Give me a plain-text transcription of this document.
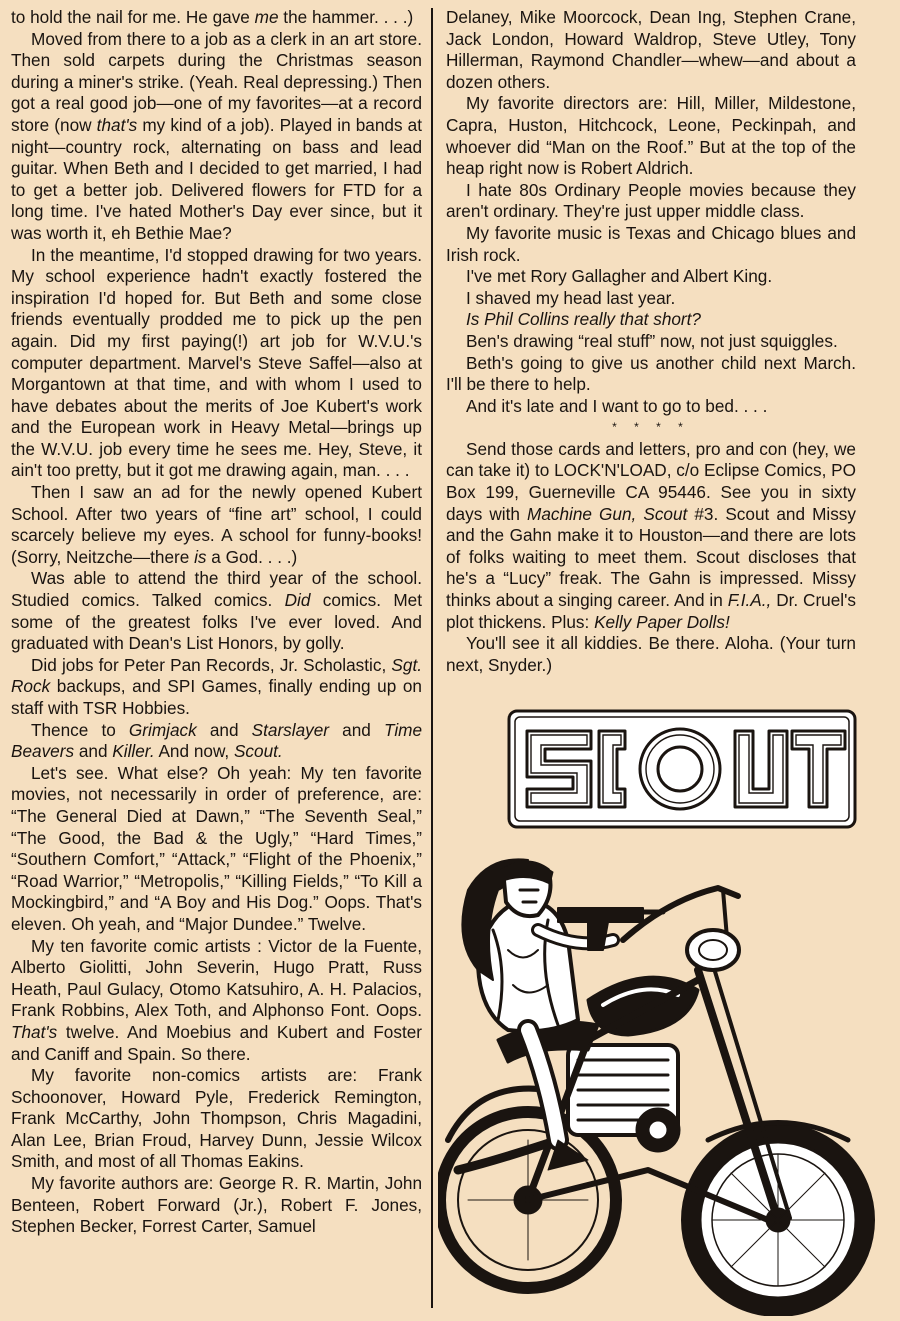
to hold the nail for me. He gave me the hammer. . . .)

Moved from there to a job as a clerk in an art store. Then sold carpets during the Christmas season during a miner's strike. (Yeah. Real depressing.) Then got a real good job—one of my favorites—at a record store (now that's my kind of a job). Played in bands at night—country rock, alternating on bass and lead guitar. When Beth and I decided to get married, I had to get a better job. Delivered flowers for FTD for a long time. I've hated Mother's Day ever since, but it was worth it, eh Bethie Mae?

In the meantime, I'd stopped drawing for two years. My school experience hadn't exactly fostered the inspiration I'd hoped for. But Beth and some close friends eventually prodded me to pick up the pen again. Did my first paying(!) art job for W.V.U.'s computer department. Marvel's Steve Saffel—also at Morgantown at that time, and with whom I used to have debates about the merits of Joe Kubert's work and the European work in Heavy Metal—brings up the W.V.U. job every time he sees me. Hey, Steve, it ain't too pretty, but it got me drawing again, man. . . .

Then I saw an ad for the newly opened Kubert School. After two years of “fine art” school, I could scarcely believe my eyes. A school for funny-books! (Sorry, Neitzche—there is a God. . . .)

Was able to attend the third year of the school. Studied comics. Talked comics. Did comics. Met some of the greatest folks I've ever loved. And graduated with Dean's List Honors, by golly.

Did jobs for Peter Pan Records, Jr. Scholastic, Sgt. Rock backups, and SPI Games, finally ending up on staff with TSR Hobbies.

Thence to Grimjack and Starslayer and Time Beavers and Killer. And now, Scout.

Let's see. What else? Oh yeah: My ten favorite movies, not necessarily in order of preference, are: “The General Died at Dawn,” “The Seventh Seal,” “The Good, the Bad & the Ugly,” “Hard Times,” “Southern Comfort,” “Attack,” “Flight of the Phoenix,” “Road Warrior,” “Metropolis,” “Killing Fields,” “To Kill a Mockingbird,” and “A Boy and His Dog.” Oops. That's eleven. Oh yeah, and “Major Dundee.” Twelve.

My ten favorite comic artists : Victor de la Fuente, Alberto Giolitti, John Severin, Hugo Pratt, Russ Heath, Paul Gulacy, Otomo Katsuhiro, A. H. Palacios, Frank Robbins, Alex Toth, and Alphonso Font. Oops. That's twelve. And Moebius and Kubert and Foster and Caniff and Spain. So there.

My favorite non-comics artists are: Frank Schoonover, Howard Pyle, Frederick Remington, Frank McCarthy, John Thompson, Chris Magadini, Alan Lee, Brian Froud, Harvey Dunn, Jessie Wilcox Smith, and most of all Thomas Eakins.

My favorite authors are: George R. R. Martin, John Benteen, Robert Forward (Jr.), Robert F. Jones, Stephen Becker, Forrest Carter, Samuel

Delaney, Mike Moorcock, Dean Ing, Stephen Crane, Jack London, Howard Waldrop, Steve Utley, Tony Hillerman, Raymond Chandler—whew—and about a dozen others.

My favorite directors are: Hill, Miller, Mildestone, Capra, Huston, Hitchcock, Leone, Peckinpah, and whoever did “Man on the Roof.” But at the top of the heap right now is Robert Aldrich.

I hate 80s Ordinary People movies because they aren't ordinary. They're just upper middle class.

My favorite music is Texas and Chicago blues and Irish rock.

I've met Rory Gallagher and Albert King.

I shaved my head last year.

Is Phil Collins really that short?

Ben's drawing “real stuff” now, not just squiggles.

Beth's going to give us another child next March. I'll be there to help.

And it's late and I want to go to bed. . . .

* * * *

Send those cards and letters, pro and con (hey, we can take it) to LOCK'N'LOAD, c/o Eclipse Comics, PO Box 199, Guerneville CA 95446. See you in sixty days with Machine Gun, Scout #3. Scout and Missy and the Gahn make it to Houston—and there are lots of folks waiting to meet them. Scout discloses that he's a “Lucy” freak. The Gahn is impressed. Missy thinks about a singing career. And in F.I.A., Dr. Cruel's plot thickens. Plus: Kelly Paper Dolls!

You'll see it all kiddies. Be there. Aloha. (Your turn next, Snyder.)
